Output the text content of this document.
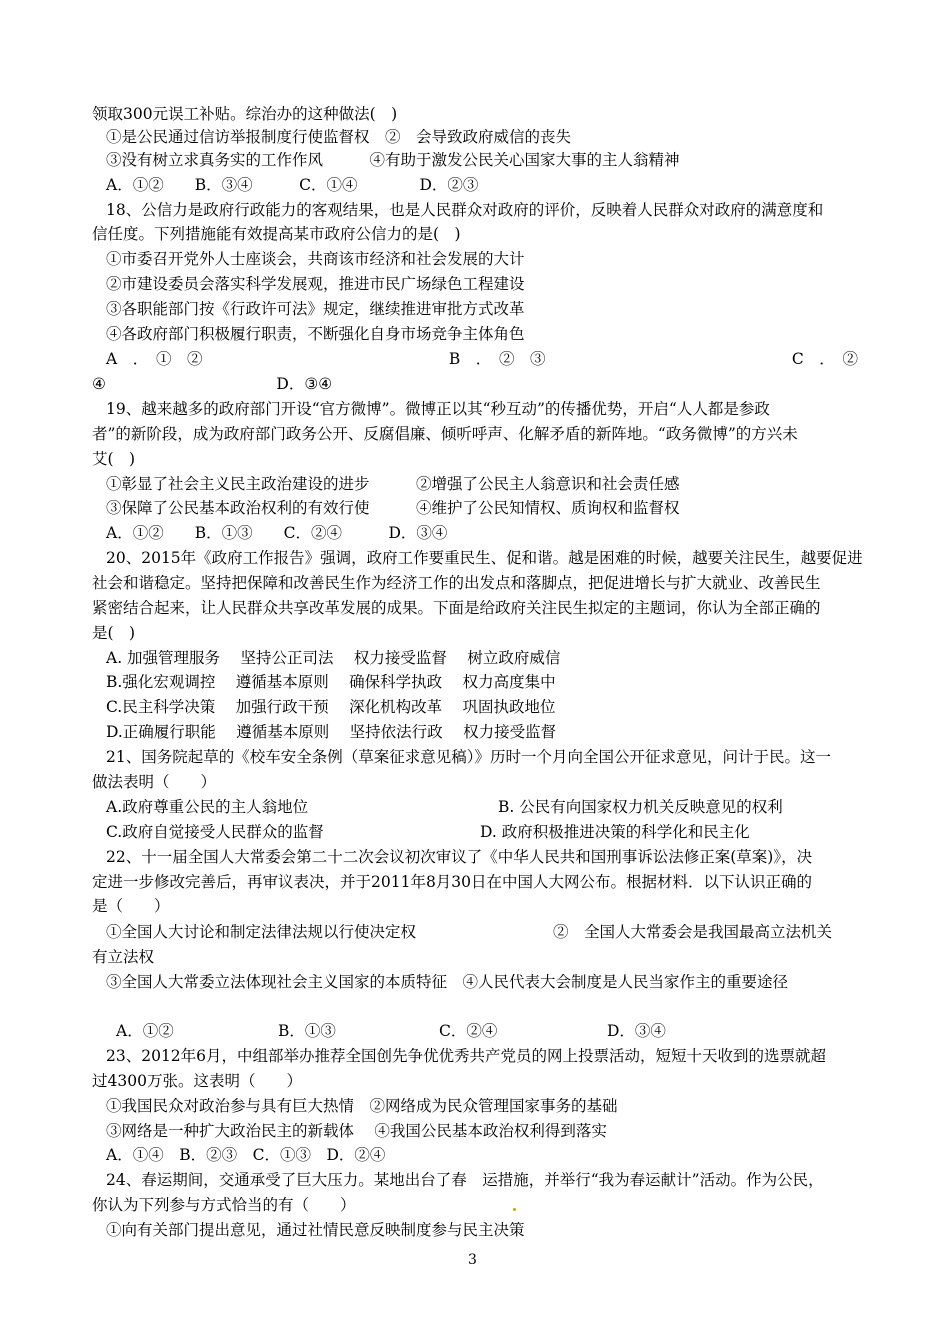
领取300元误工补贴。综治办的这种做法(　)
①是公民通过信访举报制度行使监督权　②　会导致政府威信的丧失
③没有树立求真务实的工作作风　　　④有助于激发公民关心国家大事的主人翁精神
A．①②　　B．③④　　　C．①④　　　　D．②③
18、公信力是政府行政能力的客观结果，也是人民群众对政府的评价，反映着人民群众对政府的满意度和
信任度。下列措施能有效提高某市政府公信力的是(　)
①市委召开党外人士座谈会，共商该市经济和社会发展的大计
②市建设委员会落实科学发展观，推进市民广场绿色工程建设
③各职能部门按《行政许可法》规定，继续推进审批方式改革
④各政府部门积极履行职责，不断强化自身市场竞争主体角色
A　．　①　②	B　．　②　③	C　．　②
④　　　　　　　　　　　D．③④
19、越来越多的政府部门开设“官方微博”。微博正以其“秒互动”的传播优势，开启“人人都是参政
者”的新阶段，成为政府部门政务公开、反腐倡廉、倾听呼声、化解矛盾的新阵地。“政务微博”的方兴未
艾(　)
①彰显了社会主义民主政治建设的进步　　　②增强了公民主人翁意识和社会责任感
③保障了公民基本政治权利的有效行使　　　④维护了公民知情权、质询权和监督权
A．①②　　B．①③　　C．②④　　　D．③④
20、2015年《政府工作报告》强调，政府工作要重民生、促和谐。越是困难的时候，越要关注民生，越要促进
社会和谐稳定。坚持把保障和改善民生作为经济工作的出发点和落脚点，把促进增长与扩大就业、改善民生
紧密结合起来，让人民群众共享改革发展的成果。下面是给政府关注民生拟定的主题词，你认为全部正确的
是(　)
A. 加强管理服务　 坚持公正司法　 权力接受监督　 树立政府威信
B.强化宏观调控　 遵循基本原则　 确保科学执政　 权力高度集中
C.民主科学决策　 加强行政干预　 深化机构改革　 巩固执政地位
D.正确履行职能　 遵循基本原则　 坚持依法行政　 权力接受监督
21、国务院起草的《校车安全条例（草案征求意见稿）》历时一个月向全国公开征求意见，问计于民。这一
做法表明（　　）
A.政府尊重公民的主人翁地位	B. 公民有向国家权力机关反映意见的权利
C.政府自觉接受人民群众的监督	D. 政府积极推进决策的科学化和民主化
22、十一届全国人大常委会第二十二次会议初次审议了《中华人民共和国刑事诉讼法修正案(草案)》，决
定进一步修改完善后，再审议表决，并于2011年8月30日在中国人大网公布。根据材料．以下认识正确的
是（　　）
①全国人大讨论和制定法律法规以行使决定权	②　全国人大常委会是我国最高立法机关
有立法权
③全国人大常委立法体现社会主义国家的本质特征　④人民代表大会制度是人民当家作主的重要途径
A．①②	B．①③	C．②④	D．③④
23、2012年6月，中组部举办推荐全国创先争优优秀共产党员的网上投票活动，短短十天收到的选票就超
过4300万张。这表明（　　）
①我国民众对政治参与具有巨大热情　②网络成为民众管理国家事务的基础
③网络是一种扩大政治民主的新载体　 ④我国公民基本政治权利得到落实
A．①④　B．②③　C．①③　D．②④
24、春运期间，交通承受了巨大压力。某地出台了春　运措施，并举行“我为春运献计”活动。作为公民，
你认为下列参与方式恰当的有（　　）
①向有关部门提出意见，通过社情民意反映制度参与民主决策
3
